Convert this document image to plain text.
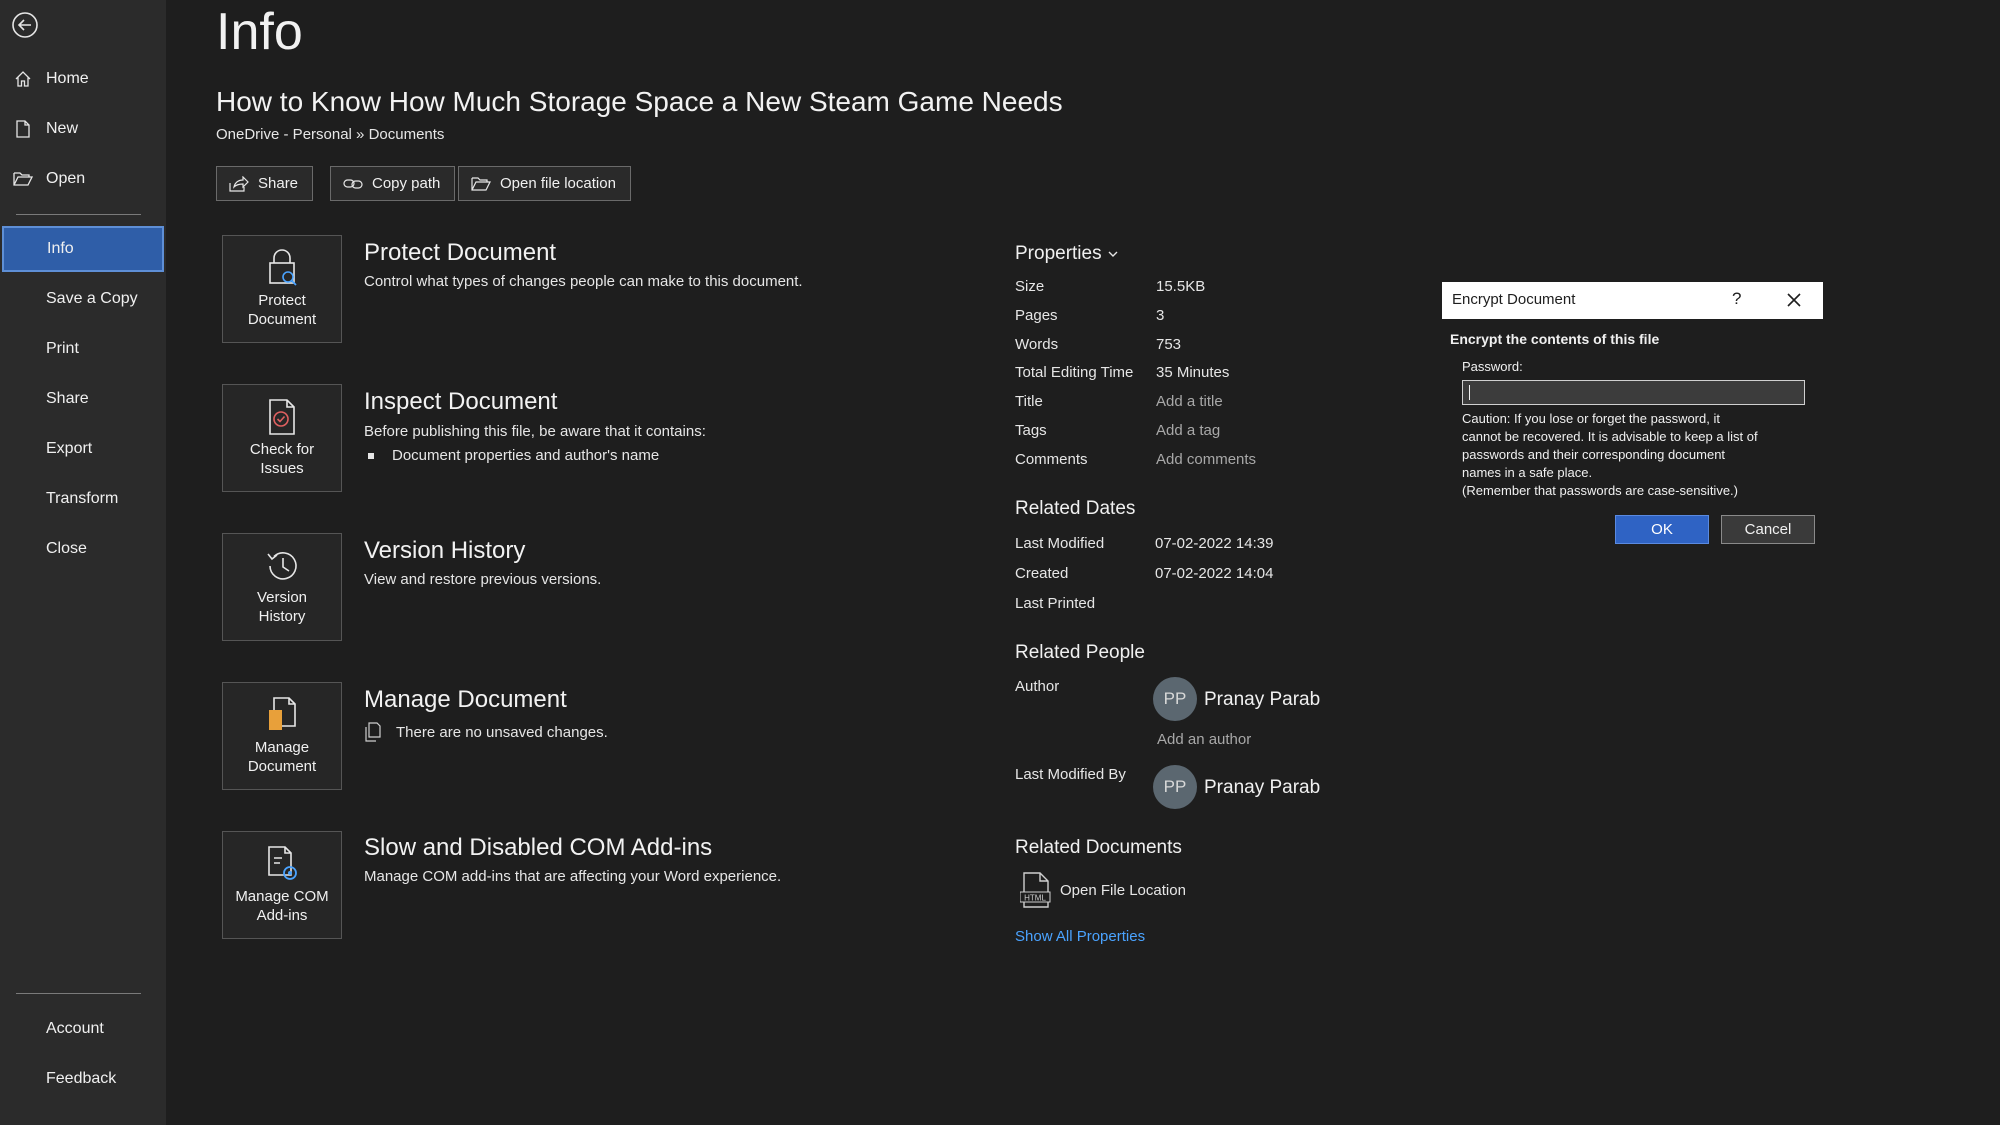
Home
New
Open
Info
Save a Copy
Print
Share
Export
Transform
Close
Account
Feedback
Info
How to Know How Much Storage Space a New Steam Game Needs
OneDrive - Personal » Documents
Share	Copy path	Open file location
Protect Document
Protect Document
Control what types of changes people can make to this document.
Check for
Issues
Inspect Document
Before publishing this file, be aware that it contains:
Document properties and author's name
Version
History
Version History
View and restore previous versions.
Manage
Document
Manage Document
There are no unsaved changes.
Manage COM
Add-ins
Slow and Disabled COM Add-ins
Manage COM add-ins that are affecting your Word experience.
Properties
Size	15.5KB
Pages	3
Words	753
Total Editing Time 35 Minutes
Title	Add a title
Tags	Add a tag
Comments	Add comments
Related Dates
Last Modified	07-02-2022 14:39
Created	07-02-2022 14:04
Last Printed
Related People
Author
PP Pranay Parab
Add an author
Last Modified By
PP Pranay Parab
Related Documents
HTML Open File Location
Show All Properties
Encrypt Document	?
Encrypt the contents of this file
Password:
Caution: If you lose or forget the password, it
cannot be recovered. It is advisable to keep a list of
passwords and their corresponding document
names in a safe place.
(Remember that passwords are case-sensitive.)
OK	Cancel
